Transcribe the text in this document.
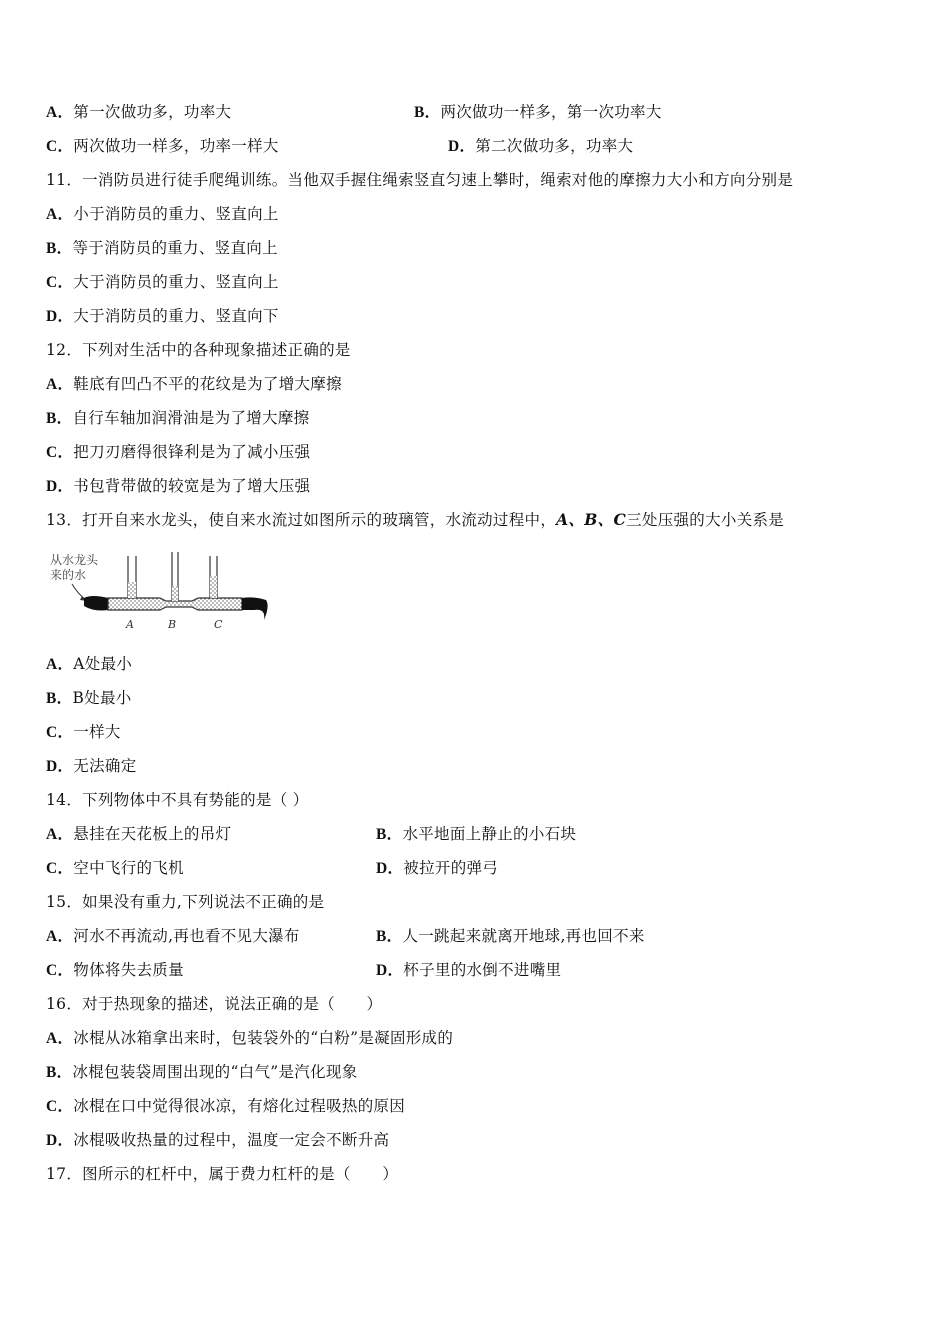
A．第一次做功多，功率大	B．两次做功一样多，第一次功率大
C．两次做功一样多，功率一样大	D．第二次做功多，功率大
11．一消防员进行徒手爬绳训练。当他双手握住绳索竖直匀速上攀时，绳索对他的摩擦力大小和方向分别是
A．小于消防员的重力、竖直向上
B．等于消防员的重力、竖直向上
C．大于消防员的重力、竖直向上
D．大于消防员的重力、竖直向下
12．下列对生活中的各种现象描述正确的是
A．鞋底有凹凸不平的花纹是为了增大摩擦
B．自行车轴加润滑油是为了增大摩擦
C．把刀刃磨得很锋利是为了减小压强
D．书包背带做的较宽是为了增大压强
13．打开自来水龙头，使自来水流过如图所示的玻璃管，水流动过程中，A、B、C三处压强的大小关系是
从水龙头
来的水
A	B	C
A．A处最小
B．B处最小
C．一样大
D．无法确定
14．下列物体中不具有势能的是（ ）
A．悬挂在天花板上的吊灯	B．水平地面上静止的小石块
C．空中飞行的飞机	D．被拉开的弹弓
15．如果没有重力,下列说法不正确的是
A．河水不再流动,再也看不见大瀑布	B．人一跳起来就离开地球,再也回不来
C．物体将失去质量	D．杯子里的水倒不进嘴里
16．对于热现象的描述，说法正确的是（　　）
A．冰棍从冰箱拿出来时，包装袋外的“白粉”是凝固形成的
B．冰棍包装袋周围出现的“白气”是汽化现象
C．冰棍在口中觉得很冰凉，有熔化过程吸热的原因
D．冰棍吸收热量的过程中，温度一定会不断升高
17．图所示的杠杆中，属于费力杠杆的是（　　）
